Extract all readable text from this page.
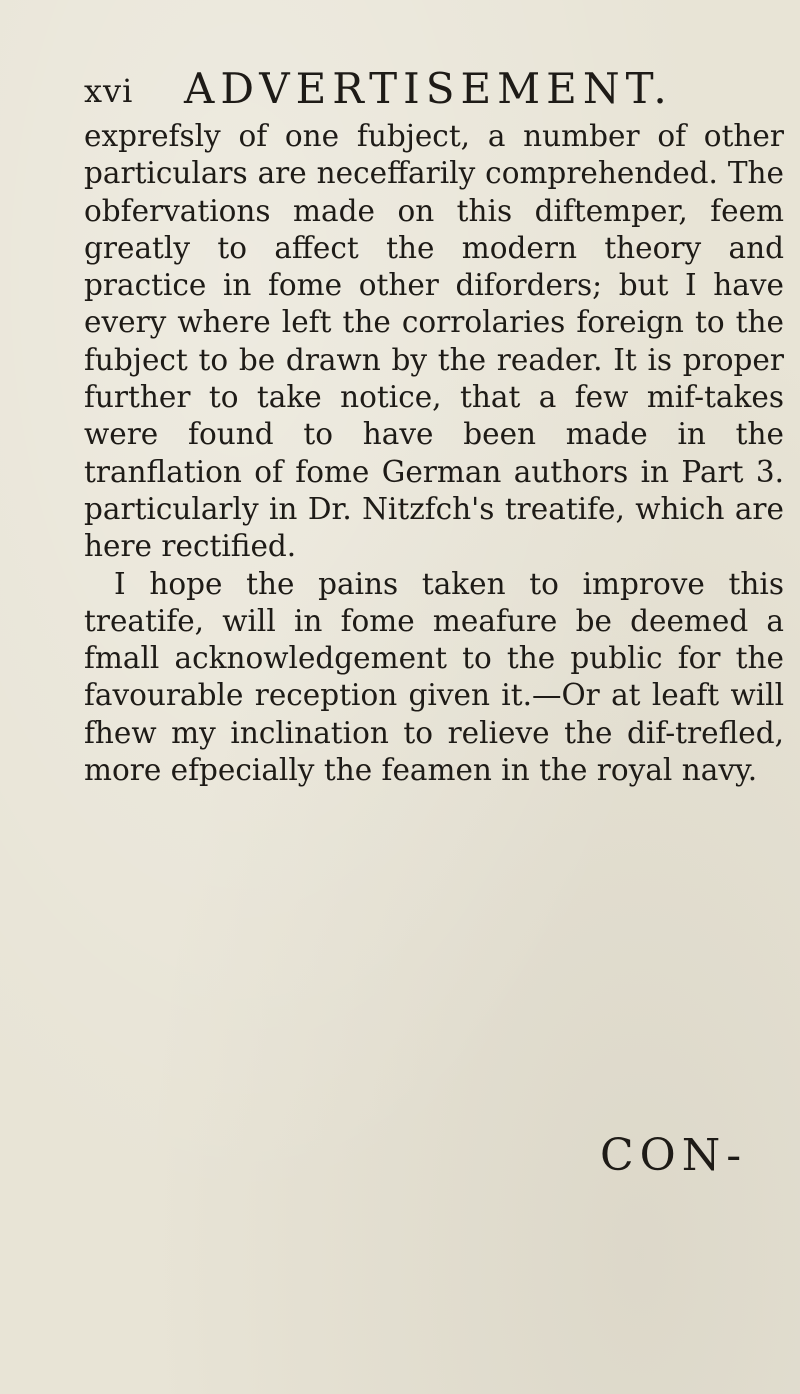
xvi ADVERTISEMENT.

exprefsly of one fubject, a number of other particulars are neceffarily comprehended. The obfervations made on this diftemper, feem greatly to affect the modern theory and practice in fome other diforders; but I have every where left the corrolaries foreign to the fubject to be drawn by the reader. It is proper further to take notice, that a few mif-takes were found to have been made in the tranflation of fome German authors in Part 3. particularly in Dr. Nitzfch's treatife, which are here rectified.

I hope the pains taken to improve this treatife, will in fome meafure be deemed a fmall acknowledgement to the public for the favourable reception given it.—Or at leaft will fhew my inclination to relieve the dif-trefled, more efpecially the feamen in the royal navy.

CON-
